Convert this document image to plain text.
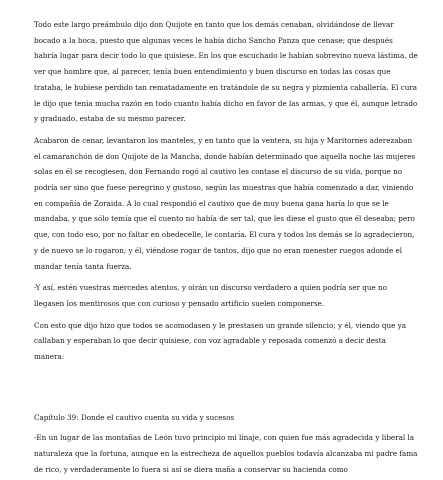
Todo este largo preámbulo dijo don Quijote en tanto que los demás cenaban, olvidándose de llevar bocado a la boca, puesto que algunas veces le había dicho Sancho Panza que cenase; que después habría lugar para decir todo lo que quisiese. En los que escuchado le habían sobrevino nueva lástima, de ver que hombre que, al parecer, tenía buen entendimiento y buen discurso en todas las cosas que trataba, le hubiese perdido tan rematadamente en tratándole de su negra y pizmienta caballería. El cura le dijo que tenía mucha razón en todo cuanto había dicho en favor de las armas, y que él, aunque letrado y graduado, estaba de su mesmo parecer.

Acabaron de cenar, levantaron los manteles, y en tanto que la ventera, su hija y Maritornes aderezaban el camaranchón de don Quijote de la Mancha, donde habían determinado que aquella noche las mujeres solas en él se recogiesen, don Fernando rogó al cautivo les contase el discurso de su vida, porque no podría ser sino que fuese peregrino y gustoso, según las muestras que había comenzado a dar, viniendo en compañía de Zoraida. A lo cual respondió el cautivo que de muy buena gana haría lo que se le mandaba, y que sólo temía que el cuento no había de ser tal, que les diese el gusto que él deseaba; pero que, con todo eso, por no faltar en obedecelle, le contaría. El cura y todos los demás se lo agradecieron, y de nuevo se lo rogaron; y él, viéndose rogar de tantos, dijo que no eran menester ruegos adonde el mandar tenía tanta fuerza.

-Y así, estén vuestras mercedes atentos, y oirán un discurso verdadero a quien podría ser que no llegasen los mentirosos que con curioso y pensado artificio suelen componerse.

Con esto que dijo hizo que todos se acomodasen y le prestasen un grande silencio; y él, viendo que ya callaban y esperaban lo que decir quisiese, con voz agradable y reposada comenzó a decir desta manera:

Capítulo 39: Donde el cautivo cuenta su vida y sucesos

-En un lugar de las montañas de León tuvo principio mi linaje, con quien fue más agradecida y liberal la naturaleza que la fortuna, aunque en la estrecheza de aquellos pueblos todavía alcanzaba mi padre fama de rico, y verdaderamente lo fuera si así se diera maña a conservar su hacienda como
